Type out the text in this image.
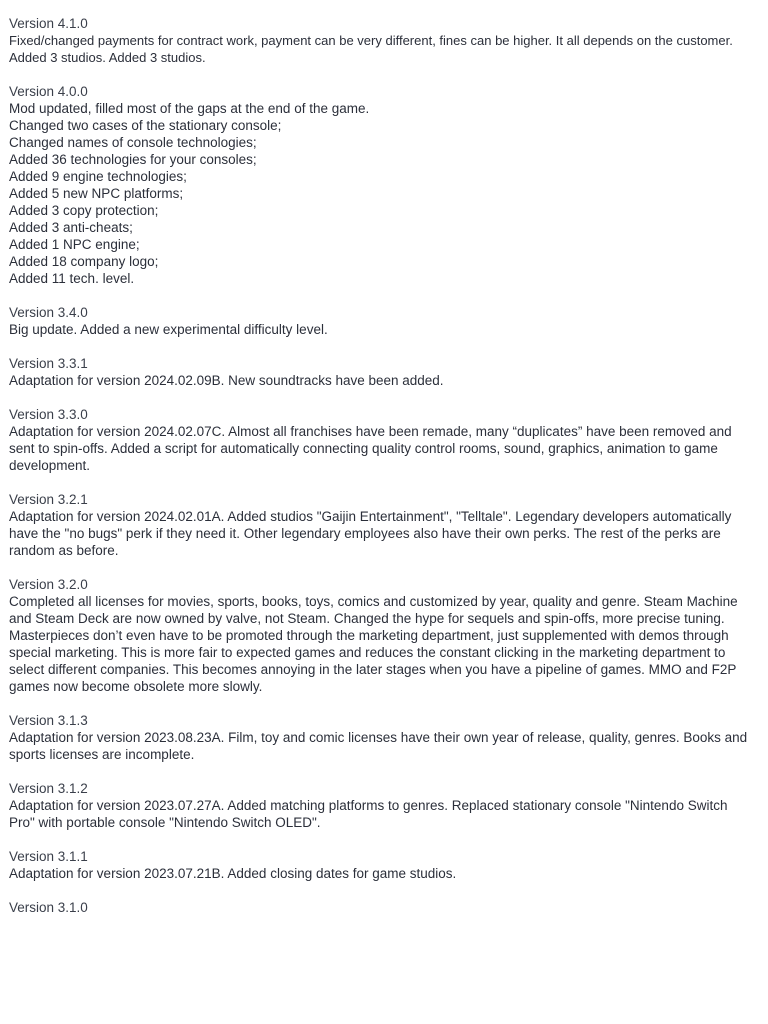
Version 4.1.0
Fixed/changed payments for contract work, payment can be very different, fines can be higher. It all depends on the customer.
Added 3 studios. Added 3 studios.
Version 4.0.0
Mod updated, filled most of the gaps at the end of the game.
Changed two cases of the stationary console;
Changed names of console technologies;
Added 36 technologies for your consoles;
Added 9 engine technologies;
Added 5 new NPC platforms;
Added 3 copy protection;
Added 3 anti-cheats;
Added 1 NPC engine;
Added 18 company logo;
Added 11 tech. level.
Version 3.4.0
Big update. Added a new experimental difficulty level.
Version 3.3.1
Adaptation for version 2024.02.09B. New soundtracks have been added.
Version 3.3.0
Adaptation for version 2024.02.07C. Almost all franchises have been remade, many “duplicates” have been removed and
sent to spin-offs. Added a script for automatically connecting quality control rooms, sound, graphics, animation to game
development.
Version 3.2.1
Adaptation for version 2024.02.01A. Added studios "Gaijin Entertainment", "Telltale". Legendary developers automatically
have the "no bugs" perk if they need it. Other legendary employees also have their own perks. The rest of the perks are
random as before.
Version 3.2.0
Completed all licenses for movies, sports, books, toys, comics and customized by year, quality and genre. Steam Machine
and Steam Deck are now owned by valve, not Steam. Changed the hype for sequels and spin-offs, more precise tuning.
Masterpieces don’t even have to be promoted through the marketing department, just supplemented with demos through
special marketing. This is more fair to expected games and reduces the constant clicking in the marketing department to
select different companies. This becomes annoying in the later stages when you have a pipeline of games. MMO and F2P
games now become obsolete more slowly.
Version 3.1.3
Adaptation for version 2023.08.23A. Film, toy and comic licenses have their own year of release, quality, genres. Books and
sports licenses are incomplete.
Version 3.1.2
Adaptation for version 2023.07.27A. Added matching platforms to genres. Replaced stationary console "Nintendo Switch
Pro" with portable console "Nintendo Switch OLED".
Version 3.1.1
Adaptation for version 2023.07.21B. Added closing dates for game studios.
Version 3.1.0
